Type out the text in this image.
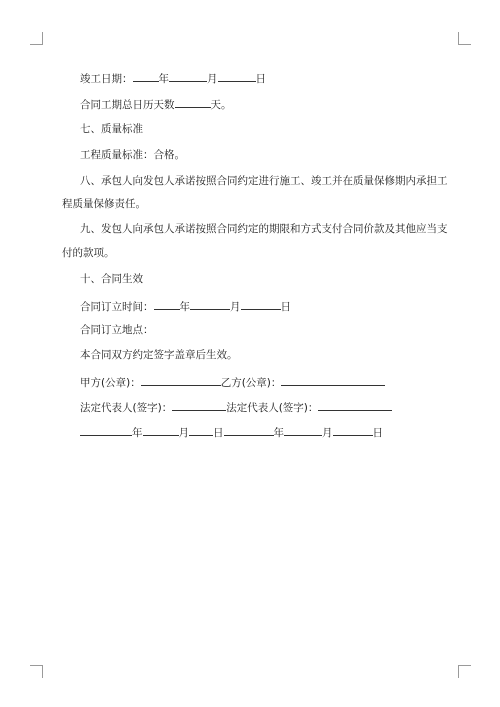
竣工日期： 年	月	日
合同工期总日历天数	天。
七、质量标准
工程质量标准：合格。
八、承包人向发包人承诺按照合同约定进行施工、竣工并在质量保修期内承担工
程质量保修责任。
九、发包人向承包人承诺按照合同约定的期限和方式支付合同价款及其他应当支
付的款项。
十、合同生效
合同订立时间： 年	月	日
合同订立地点：
本合同双方约定签字盖章后生效。
甲方(公章)：	乙方(公章)：
法定代表人(签字)：	法定代表人(签字)：
年	月 日	年	月	日
